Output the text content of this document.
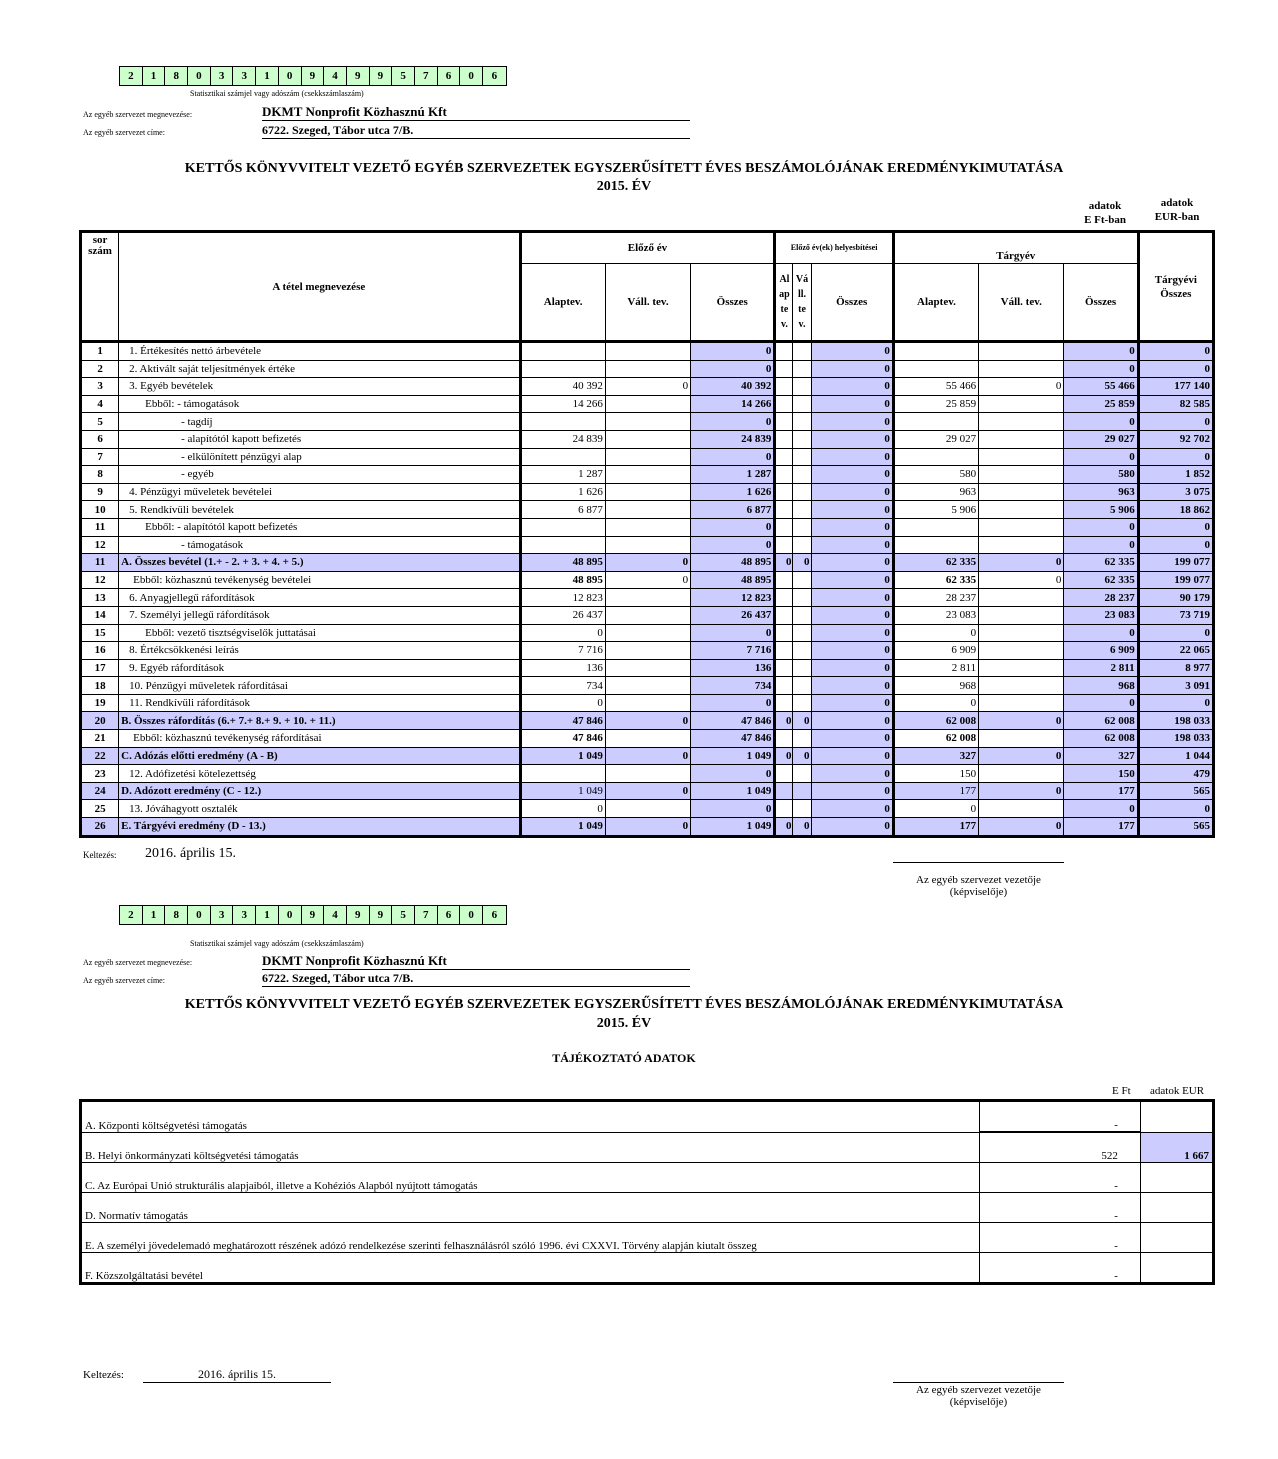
2	1	8	0	3	3	1	0	9	4	9	9	5	7	6	0	6
Statisztikai számjel vagy adószám (csekkszámlaszám)
Az egyéb szervezet megnevezése:	DKMT Nonprofit Közhasznú Kft
Az egyéb szervezet címe:	6722. Szeged, Tábor utca 7/B.
KETTŐS KÖNYVVITELT VEZETŐ EGYÉB SZERVEZETEK EGYSZERŰSÍTETT ÉVES BESZÁMOLÓJÁNAK EREDMÉNYKIMUTATÁSA
2015. ÉV
adatok
E Ft-ban
adatok
EUR-ban
sor
szám	A tétel megnevezése	Előző év			Előző év(ek) helyesbítései			Tárgyév			Tárgyévi Összes
		Alaptev.	Váll. tev.	Összes	Al ap te v.	Vá ll. te v.	Összes	Alaptev.	Váll. tev.	Összes	
1	1. Értékesítés nettó árbevétele			0			0			0	0
2	2. Aktivált saját teljesítmények értéke			0			0			0	0
3	3. Egyéb bevételek	40 392	0	40 392			0	55 466	0	55 466	177 140
4	Ebből: - támogatások	14 266		14 266			0	25 859		25 859	82 585
5	- tagdíj			0			0			0	0
6	- alapítótól kapott befizetés	24 839		24 839			0	29 027		29 027	92 702
7	- elkülönített pénzügyi alap			0			0			0	0
8	- egyéb	1 287		1 287			0	580		580	1 852
9	4. Pénzügyi műveletek bevételei	1 626		1 626			0	963		963	3 075
10	5. Rendkívüli bevételek	6 877		6 877			0	5 906		5 906	18 862
11	Ebből: - alapítótól kapott befizetés			0			0			0	0
12	- támogatások			0			0			0	0
11	A. Összes bevétel (1.+ - 2. + 3. + 4. + 5.)	48 895	0	48 895	0	0	0	62 335	0	62 335	199 077
12	Ebből: közhasznú tevékenység bevételei	48 895	0	48 895			0	62 335	0	62 335	199 077
13	6. Anyagjellegű ráfordítások	12 823		12 823			0	28 237		28 237	90 179
14	7. Személyi jellegű ráfordítások	26 437		26 437			0	23 083		23 083	73 719
15	Ebből: vezető tisztségviselők juttatásai	0		0			0	0		0	0
16	8. Értékcsökkenési leírás	7 716		7 716			0	6 909		6 909	22 065
17	9. Egyéb ráfordítások	136		136			0	2 811		2 811	8 977
18	10. Pénzügyi műveletek ráfordításai	734		734			0	968		968	3 091
19	11. Rendkívüli ráfordítások	0		0			0	0		0	0
20	B. Összes ráfordítás (6.+ 7.+ 8.+ 9. + 10. + 11.)	47 846	0	47 846	0	0	0	62 008	0	62 008	198 033
21	Ebből: közhasznú tevékenység ráfordításai	47 846		47 846			0	62 008		62 008	198 033
22	C. Adózás előtti eredmény (A - B)	1 049	0	1 049	0	0	0	327	0	327	1 044
23	12. Adófizetési kötelezettség			0			0	150		150	479
24	D. Adózott eredmény (C - 12.)	1 049	0	1 049			0	177	0	177	565
25	13. Jóváhagyott osztalék	0		0			0	0		0	0
26	E. Tárgyévi eredmény (D - 13.)	1 049	0	1 049	0	0	0	177	0	177	565
Keltezés: 2016. április 15.
Az egyéb szervezet vezetője
(képviselője)
2	1	8	0	3	3	1	0	9	4	9	9	5	7	6	0	6
Statisztikai számjel vagy adószám (csekkszámlaszám)
Az egyéb szervezet megnevezése:	DKMT Nonprofit Közhasznú Kft
Az egyéb szervezet címe:	6722. Szeged, Tábor utca 7/B.
KETTŐS KÖNYVVITELT VEZETŐ EGYÉB SZERVEZETEK EGYSZERŰSÍTETT ÉVES BESZÁMOLÓJÁNAK EREDMÉNYKIMUTATÁSA
2015. ÉV
TÁJÉKOZTATÓ ADATOK
E Ft adatok EUR
A. Központi költségvetési támogatás	-	
B. Helyi önkormányzati költségvetési támogatás	522	1 667
C. Az Európai Unió strukturális alapjaiból, illetve a Kohéziós Alapból nyújtott támogatás	-	
D. Normatív támogatás	-	
E. A személyi jövedelemadó meghatározott részének adózó rendelkezése szerinti felhasználásról szóló 1996. évi CXXVI. Törvény alapján kiutalt összeg	-	
F. Közszolgáltatási bevétel	-	
Keltezés:	2016. április 15.
Az egyéb szervezet vezetője
(képviselője)
